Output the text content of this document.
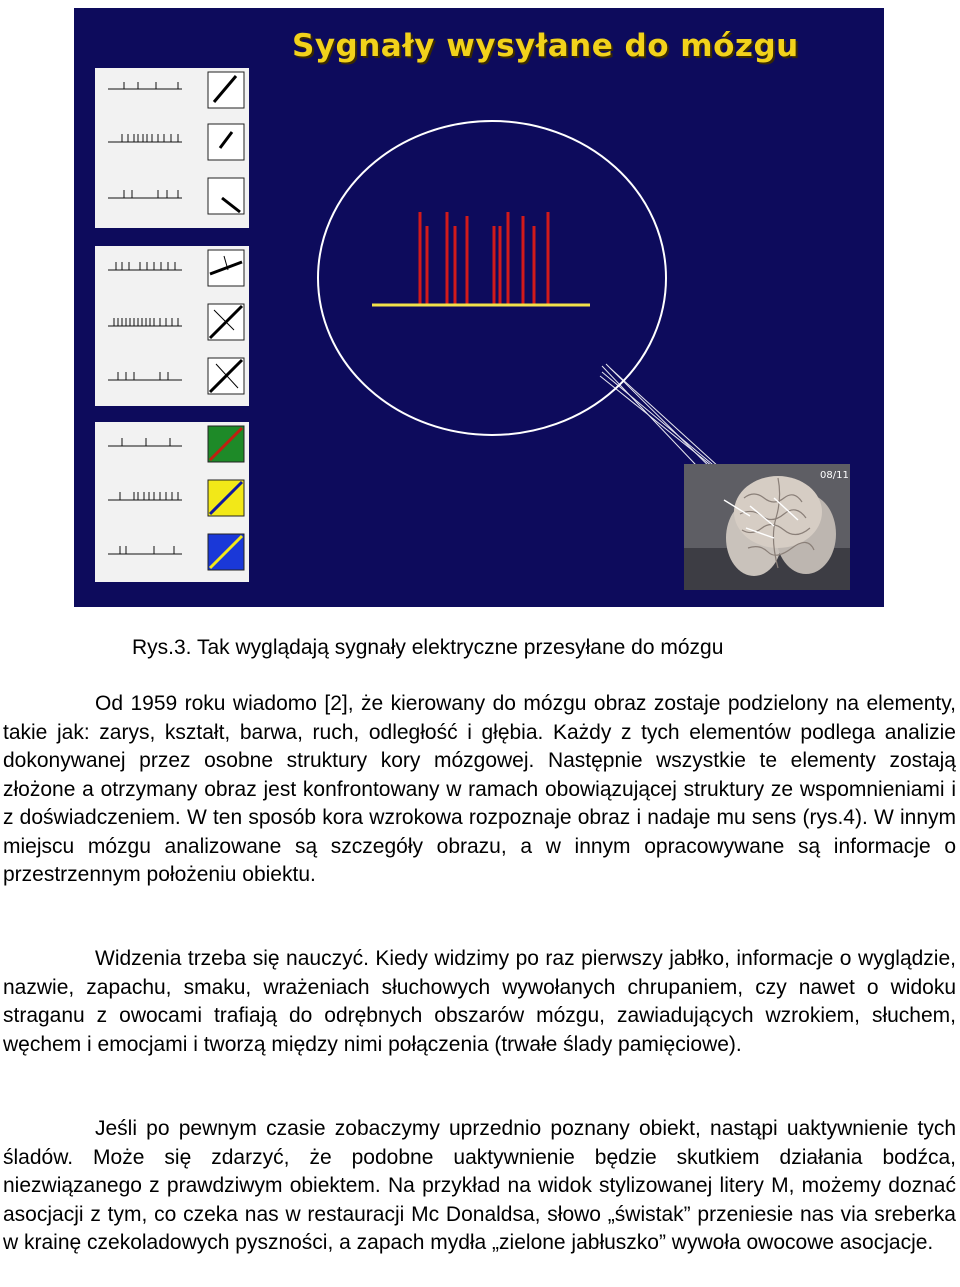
08/11
Sygnały wysyłane do mózgu
Rys.3. Tak wyglądają sygnały elektryczne przesyłane do mózgu

Od 1959 roku wiadomo [2], że kierowany do mózgu obraz zostaje podzielony na elementy, takie jak: zarys, kształt, barwa, ruch, odległość i głębia. Każdy z tych elementów podlega analizie dokonywanej przez osobne struktury kory mózgowej. Następnie wszystkie te elementy zostają złożone a otrzymany obraz jest konfrontowany w ramach obowiązującej struktury ze wspomnieniami i z doświadczeniem. W ten sposób kora wzrokowa rozpoznaje obraz i nadaje mu sens (rys.4). W innym miejscu mózgu analizowane są szczegóły obrazu, a w innym opracowywane są informacje o przestrzennym położeniu obiektu.

Widzenia trzeba się nauczyć. Kiedy widzimy po raz pierwszy jabłko, informacje o wyglądzie, nazwie, zapachu, smaku, wrażeniach słuchowych wywołanych chrupaniem, czy nawet o widoku straganu z owocami trafiają do odrębnych obszarów mózgu, zawiadujących wzrokiem, słuchem, węchem i emocjami i tworzą między nimi połączenia (trwałe ślady pamięciowe).

Jeśli po pewnym czasie zobaczymy uprzednio poznany obiekt, nastąpi uaktywnienie tych śladów. Może się zdarzyć, że podobne uaktywnienie będzie skutkiem działania bodźca, niezwiązanego z prawdziwym obiektem. Na przykład na widok stylizowanej litery M, możemy doznać asocjacji z tym, co czeka nas w restauracji Mc Donaldsa, słowo „świstak” przeniesie nas via sreberka w krainę czekoladowych pyszności, a zapach mydła „zielone jabłuszko” wywoła owocowe asocjacje.
